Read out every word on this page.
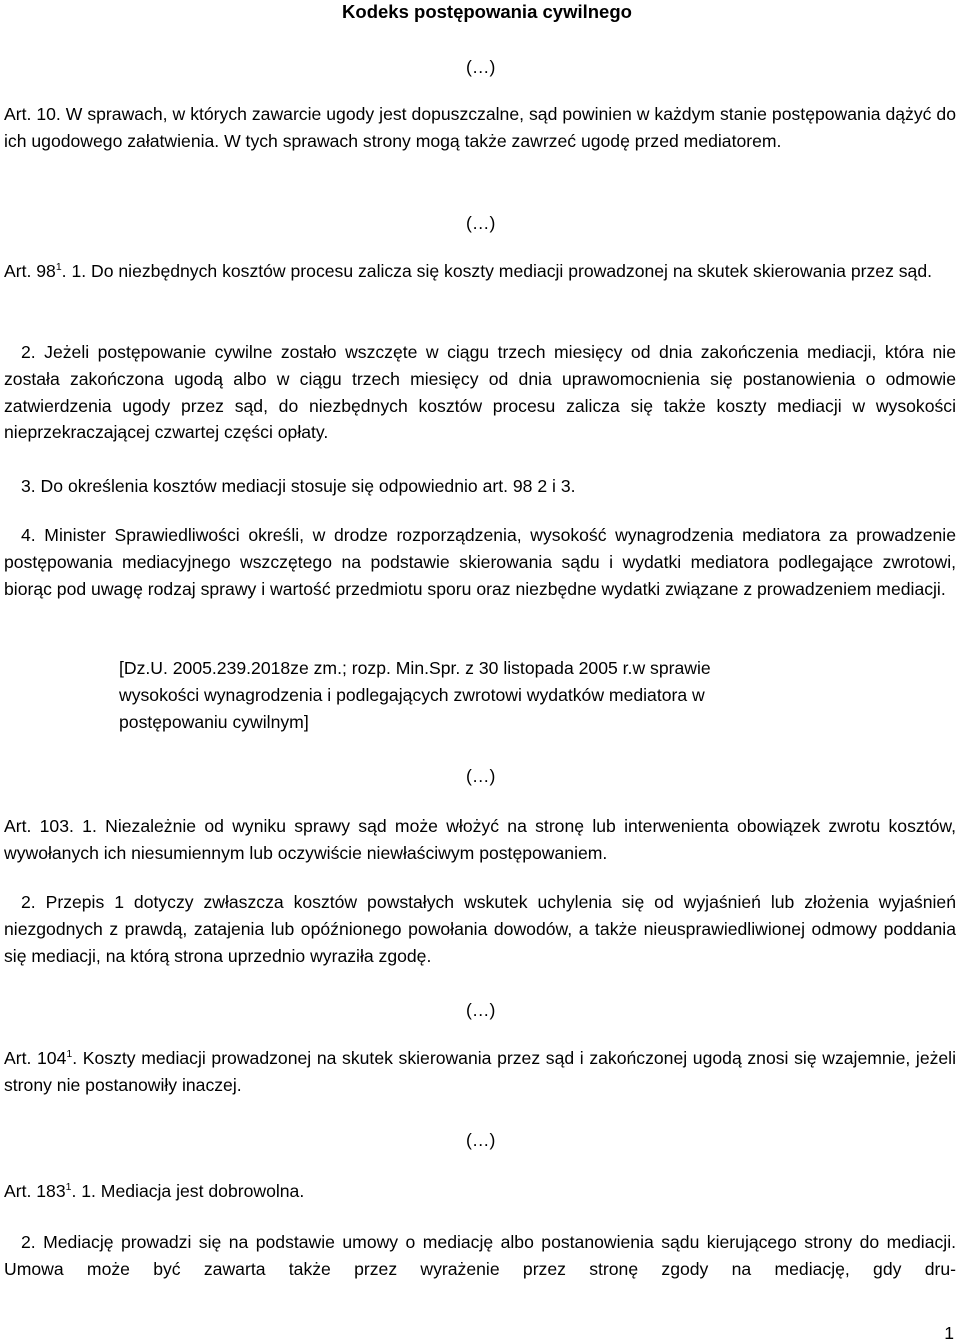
Kodeks postępowania cywilnego
(…)

Art. 10. W sprawach, w których zawarcie ugody jest dopuszczalne, sąd powinien w każdym stanie postępowania dążyć do ich ugodowego załatwienia. W tych sprawach strony mogą także zawrzeć ugodę przed mediatorem.

(…)

Art. $98^1$. 1. Do niezbędnych kosztów procesu zalicza się koszty mediacji prowadzonej na skutek skierowania przez sąd.

2. Jeżeli postępowanie cywilne zostało wszczęte w ciągu trzech miesięcy od dnia zakończenia mediacji, która nie została zakończona ugodą albo w ciągu trzech miesięcy od dnia uprawomocnienia się postanowienia o odmowie zatwierdzenia ugody przez sąd, do niezbędnych kosztów procesu zalicza się także koszty mediacji w wysokości nieprzekraczającej czwartej części opłaty.

3. Do określenia kosztów mediacji stosuje się odpowiednio art. 98 2 i 3.

4. Minister Sprawiedliwości określi, w drodze rozporządzenia, wysokość wynagrodzenia mediatora za prowadzenie postępowania mediacyjnego wszczętego na podstawie skierowania sądu i wydatki mediatora podlegające zwrotowi, biorąc pod uwagę rodzaj sprawy i wartość przedmiotu sporu oraz niezbędne wydatki związane z prowadzeniem mediacji.

[Dz.U. 2005.239.2018ze zm.; rozp. Min.Spr. z 30 listopada 2005 r.w sprawie wysokości wynagrodzenia i podlegających zwrotowi wydatków mediatora w postępowaniu cywilnym]

(…)

Art. 103. 1. Niezależnie od wyniku sprawy sąd może włożyć na stronę lub interwenienta obowiązek zwrotu kosztów, wywołanych ich niesumiennym lub oczywiście niewłaściwym postępowaniem.

2. Przepis 1 dotyczy zwłaszcza kosztów powstałych wskutek uchylenia się od wyjaśnień lub złożenia wyjaśnień niezgodnych z prawdą, zatajenia lub opóźnionego powołania dowodów, a także nieusprawiedliwionej odmowy poddania się mediacji, na którą strona uprzednio wyraziła zgodę.

(…)

Art. $104^1$. Koszty mediacji prowadzonej na skutek skierowania przez sąd i zakończonej ugodą znosi się wzajemnie, jeżeli strony nie postanowiły inaczej.

(…)

Art. $183^1$. 1. Mediacja jest dobrowolna.

2. Mediację prowadzi się na podstawie umowy o mediację albo postanowienia sądu kierującego strony do mediacji. Umowa może być zawarta także przez wyrażenie przez stronę zgody na mediację, gdy dru-

1
